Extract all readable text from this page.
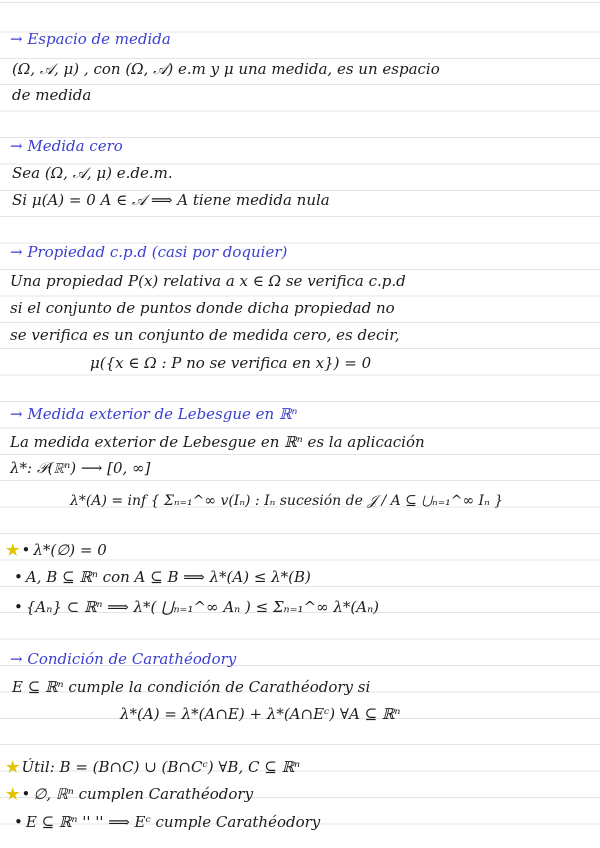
→ Espacio de medida
(Ω, 𝒜, μ) , con (Ω, 𝒜) e.m y μ una medida, es un espacio
de medida
→ Medida cero
Sea (Ω, 𝒜, μ) e.de.m.
Si μ(A) = 0 A ∈ 𝒜 ⟹ A tiene medida nula
→ Propiedad c.p.d (casi por doquier)
Una propiedad P(x) relativa a x ∈ Ω se verifica c.p.d
si el conjunto de puntos donde dicha propiedad no
se verifica es un conjunto de medida cero, es decir,
μ({x ∈ Ω : P no se verifica en x}) = 0
→ Medida exterior de Lebesgue en ℝⁿ
La medida exterior de Lebesgue en ℝⁿ es la aplicación
λ*: 𝒫(ℝⁿ) ⟶ [0, ∞]
λ*(A) = inf { Σₙ₌₁^∞ v(Iₙ) : Iₙ sucesión de 𝒥 / A ⊆ ⋃ₙ₌₁^∞ Iₙ }
★ • λ*(∅) = 0
• A, B ⊆ ℝⁿ con A ⊆ B ⟹ λ*(A) ≤ λ*(B)
• {Aₙ} ⊂ ℝⁿ ⟹ λ*( ⋃ₙ₌₁^∞ Aₙ ) ≤ Σₙ₌₁^∞ λ*(Aₙ)
→ Condición de Carathéodory
E ⊆ ℝⁿ cumple la condición de Carathéodory si
λ*(A) = λ*(A∩E) + λ*(A∩Eᶜ) ∀A ⊆ ℝⁿ
★ Útil: B = (B∩C) ∪ (B∩Cᶜ) ∀B, C ⊆ ℝⁿ
★ • ∅, ℝⁿ cumplen Carathéodory
• E ⊆ ℝⁿ '' '' ⟹ Eᶜ cumple Carathéodory
